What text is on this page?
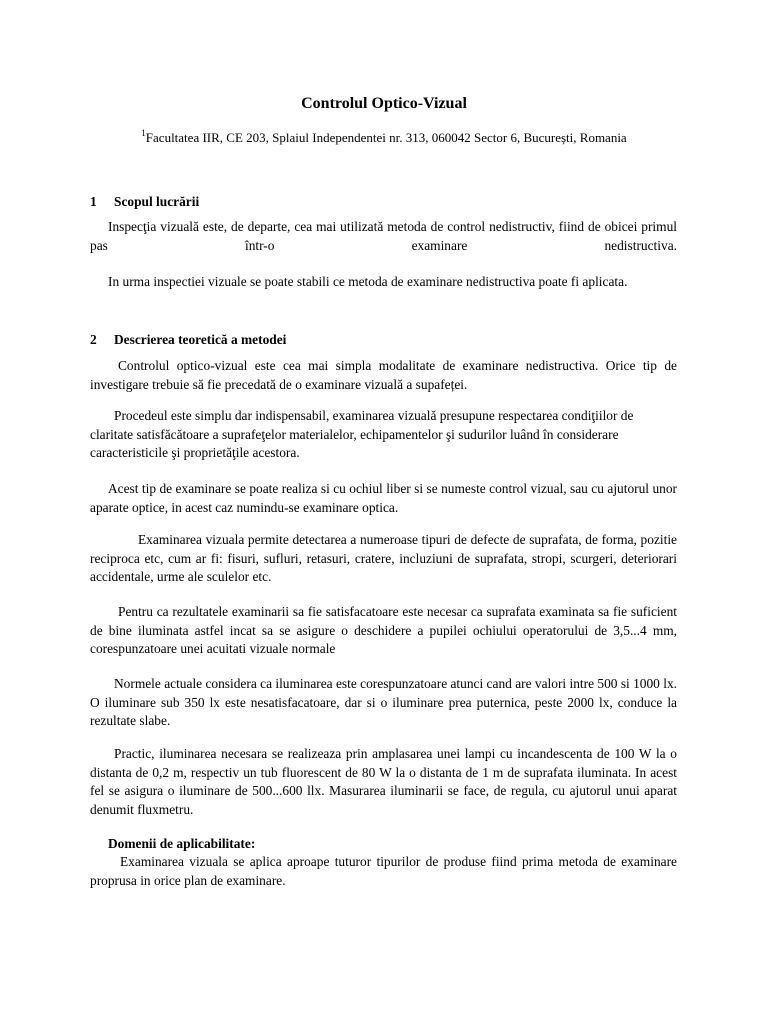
Controlul Optico-Vizual
$^1$Facultatea IIR, CE 203, Splaiul Independentei nr. 313, 060042 Sector 6, București, Romania
1 Scopul lucrării

Inspecţia vizuală este, de departe, cea mai utilizată metoda de control nedistructiv, fiind de obicei primul pas într-o examinare nedistructiva.

In urma inspectiei vizuale se poate stabili ce metoda de examinare nedistructiva poate fi aplicata.

2 Descrierea teoretică a metodei

Controlul optico-vizual este cea mai simpla modalitate de examinare nedistructiva. Orice tip de investigare trebuie să fie precedată de o examinare vizuală a supafeței.

Procedeul este simplu dar indispensabil, examinarea vizuală presupune respectarea condiţiilor de claritate satisfăcătoare a suprafeţelor materialelor, echipamentelor şi sudurilor luând în considerare caracteristicile şi proprietăţile acestora.

Acest tip de examinare se poate realiza si cu ochiul liber si se numeste control vizual, sau cu ajutorul unor aparate optice, in acest caz numindu-se examinare optica.

Examinarea vizuala permite detectarea a numeroase tipuri de defecte de suprafata, de forma, pozitie reciproca etc, cum ar fi: fisuri, sufluri, retasuri, cratere, incluziuni de suprafata, stropi, scurgeri, deteriorari accidentale, urme ale sculelor etc.

Pentru ca rezultatele examinarii sa fie satisfacatoare este necesar ca suprafata examinata sa fie suficient de bine iluminata astfel incat sa se asigure o deschidere a pupilei ochiului operatorului de 3,5...4 mm, corespunzatoare unei acuitati vizuale normale

Normele actuale considera ca iluminarea este corespunzatoare atunci cand are valori intre 500 si 1000 lx. O iluminare sub 350 lx este nesatisfacatoare, dar si o iluminare prea puternica, peste 2000 lx, conduce la rezultate slabe.

Practic, iluminarea necesara se realizeaza prin amplasarea unei lampi cu incandescenta de 100 W la o distanta de 0,2 m, respectiv un tub fluorescent de 80 W la o distanta de 1 m de suprafata iluminata. In acest fel se asigura o iluminare de 500...600 llx. Masurarea iluminarii se face, de regula, cu ajutorul unui aparat denumit fluxmetru.

Domenii de aplicabilitate:

Examinarea vizuala se aplica aproape tuturor tipurilor de produse fiind prima metoda de examinare proprusa in orice plan de examinare.
